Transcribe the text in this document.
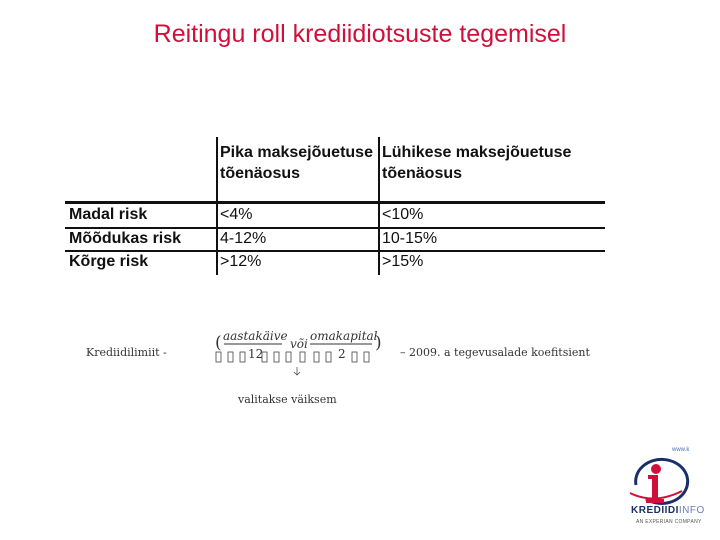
Reitingu roll krediidiotsuste tegemisel
Pika maksejõuetuse
tõenäosus
Lühikese maksejõuetuse
tõenäosus
Madal risk	<4%	<10%
Mõõdukas risk 4-12%	10-15%
Kõrge risk	>12%	>15%
Krediidilimiit -	( aastakäive
või
omakapital
)
12	2	– 2009. a tegevusalade koefitsient
valitakse väiksem
www.k
KREDIIDIINFO
AN EXPERIAN COMPANY
